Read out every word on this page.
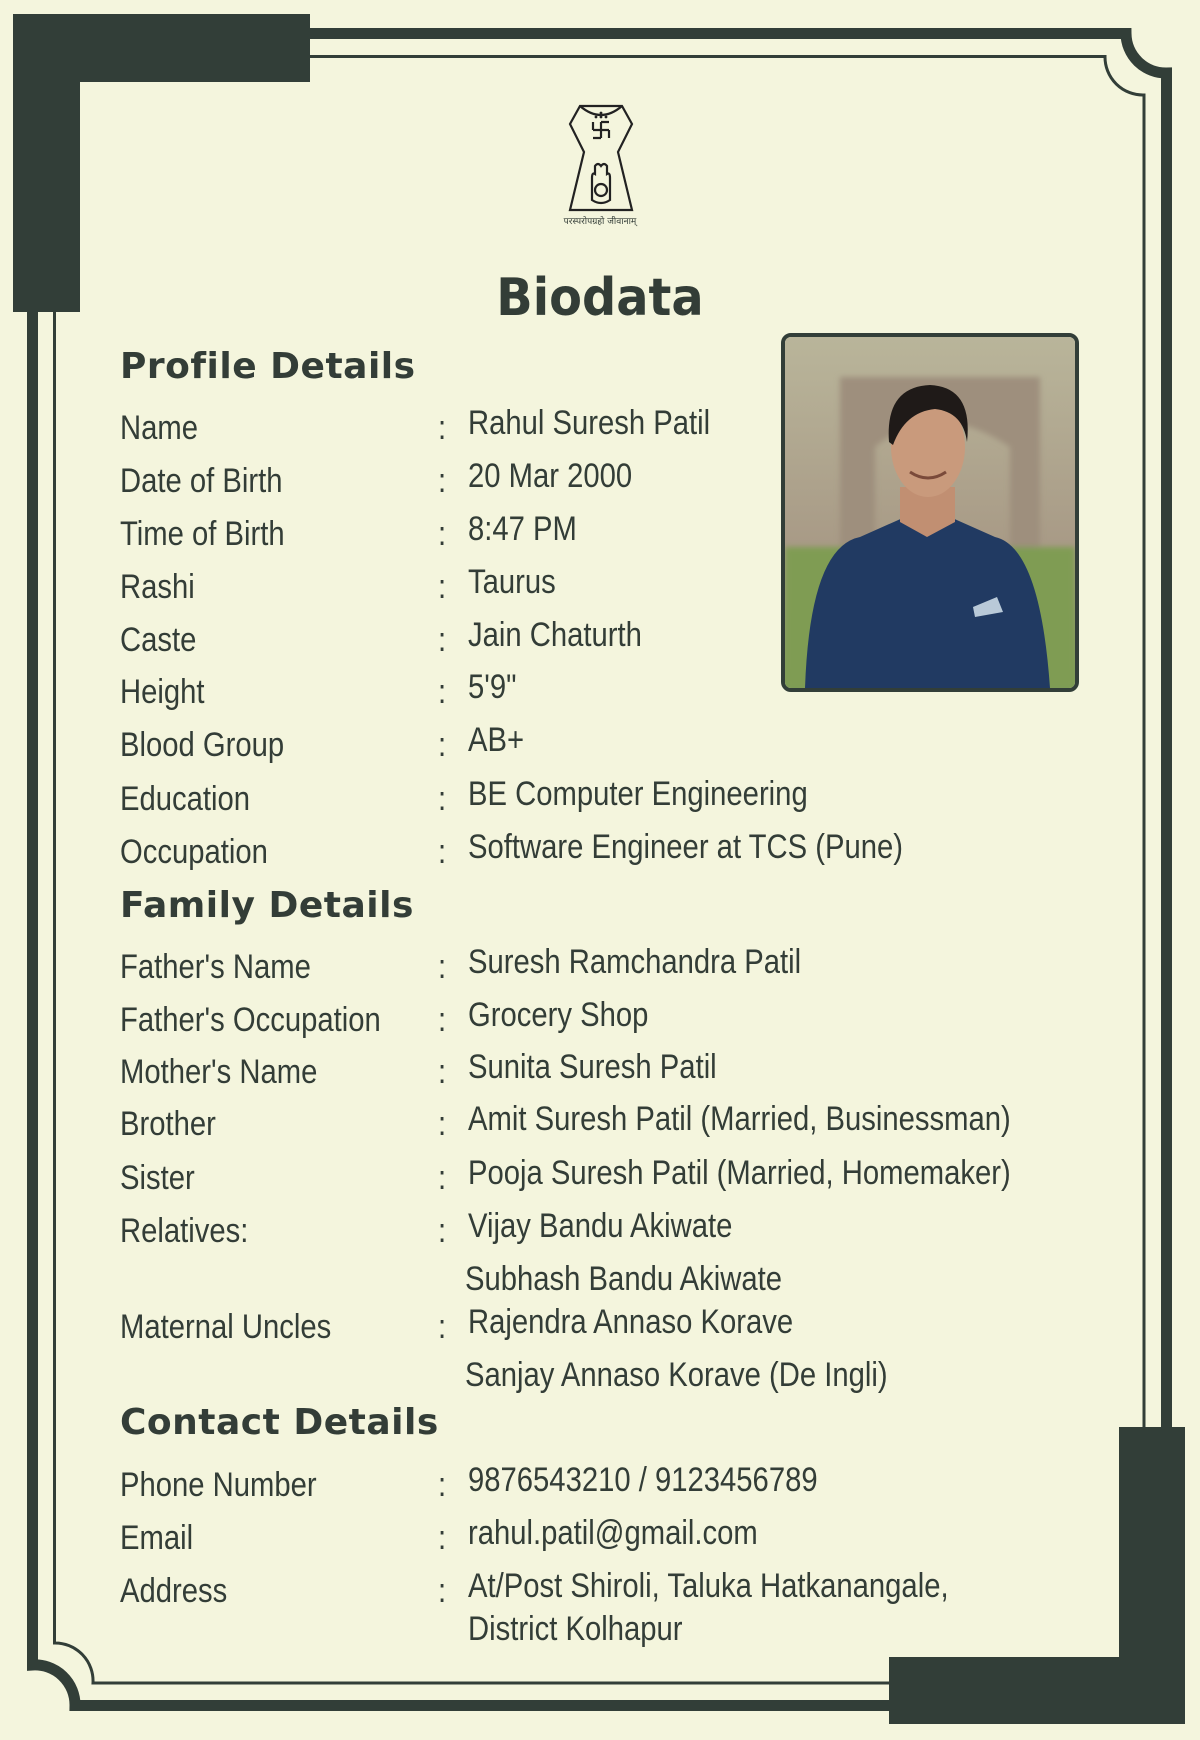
परस्परोपग्रहो जीवानाम्
Biodata
Profile Details
Name	: Rahul Suresh Patil
Date of Birth	: 20 Mar 2000
Time of Birth	: 8:47 PM
Rashi	: Taurus
Caste	: Jain Chaturth
Height	: 5'9"
Blood Group	: AB+
Education	: BE Computer Engineering
Occupation	: Software Engineer at TCS (Pune)
Family Details
Father's Name	: Suresh Ramchandra Patil
Father's Occupation : Grocery Shop
Mother's Name	: Sunita Suresh Patil
Brother	: Amit Suresh Patil (Married, Businessman)
Sister	: Pooja Suresh Patil (Married, Homemaker)
Relatives:	: Vijay Bandu Akiwate
Subhash Bandu Akiwate
Maternal Uncles	: Rajendra Annaso Korave
Sanjay Annaso Korave (De Ingli)
Contact Details
Phone Number	: 9876543210 / 9123456789
Email	: rahul.patil@gmail.com
Address	: At/Post Shiroli, Taluka Hatkanangale,
District Kolhapur
